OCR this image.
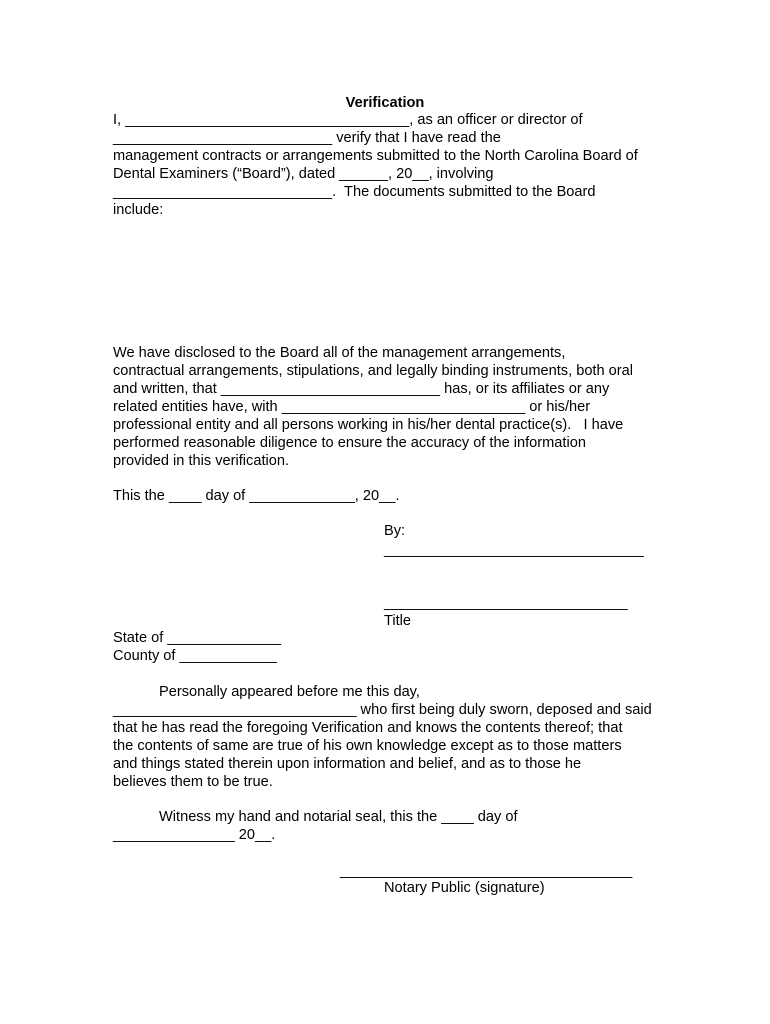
Verification
I, ___________________________________, as an officer or director of
___________________________ verify that I have read the
management contracts or arrangements submitted to the North Carolina Board of
Dental Examiners (“Board”), dated ______, 20__, involving
___________________________.  The documents submitted to the Board
include:
We have disclosed to the Board all of the management arrangements,
contractual arrangements, stipulations, and legally binding instruments, both oral
and written, that ___________________________ has, or its affiliates or any
related entities have, with ______________________________ or his/her
professional entity and all persons working in his/her dental practice(s).   I have
performed reasonable diligence to ensure the accuracy of the information
provided in this verification.
This the ____ day of _____________, 20__.
By:
________________________________
______________________________
Title
State of ______________
County of ____________
Personally appeared before me this day,
______________________________ who first being duly sworn, deposed and said
that he has read the foregoing Verification and knows the contents thereof; that
the contents of same are true of his own knowledge except as to those matters
and things stated therein upon information and belief, and as to those he
believes them to be true.
Witness my hand and notarial seal, this the ____ day of
_______________ 20__.
____________________________________
Notary Public (signature)
